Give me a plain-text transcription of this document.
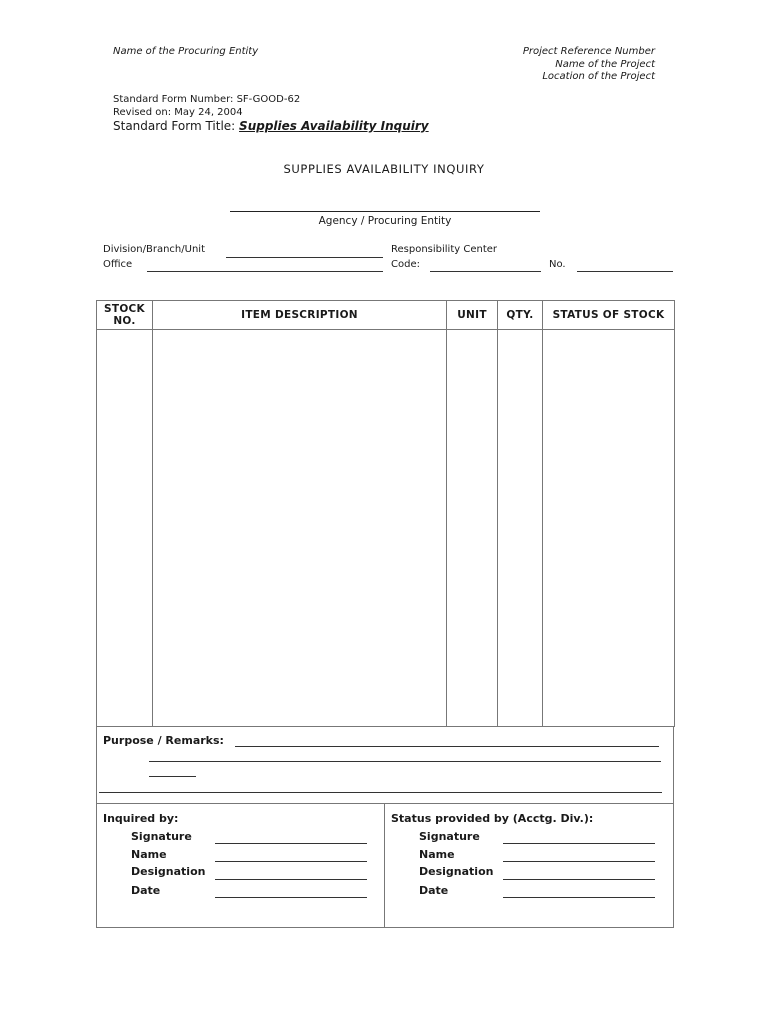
Name of the Procuring Entity	Project Reference Number
Name of the Project
Location of the Project
Standard Form Number: SF-GOOD-62
Revised on: May 24, 2004
Standard Form Title: Supplies Availability Inquiry
SUPPLIES AVAILABILITY INQUIRY
Agency / Procuring Entity
Division/Branch/Unit
Office
Responsibility Center
Code:	No.
STOCK NO.	ITEM DESCRIPTION	UNIT	QTY.	STATUS OF STOCK

Purpose / Remarks:
Inquired by:
Signature
Name
Designation
Date
Status provided by (Acctg. Div.):
Signature
Name
Designation
Date
